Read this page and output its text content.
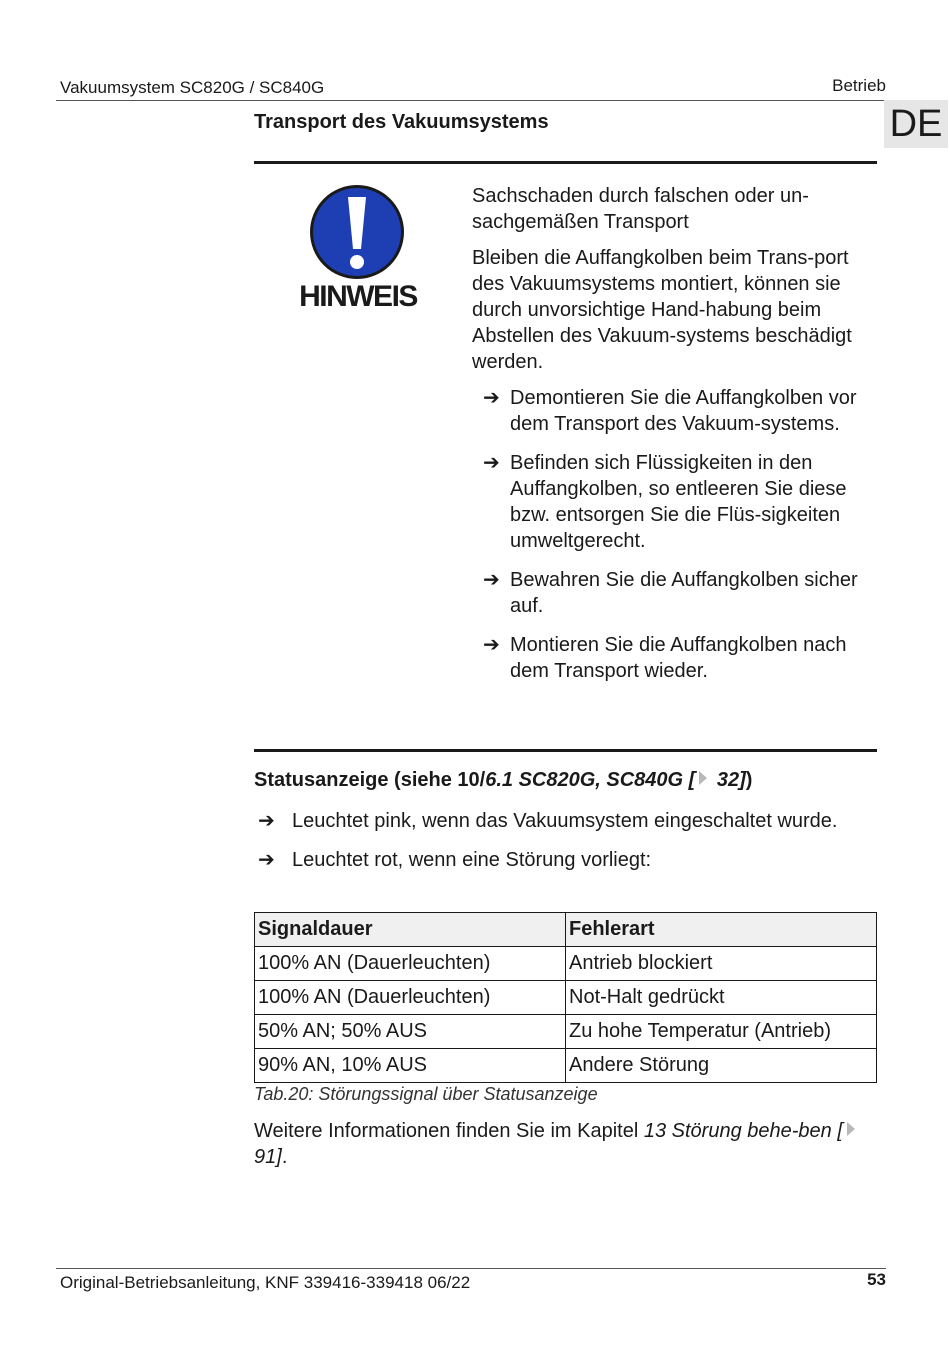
Vakuumsystem SC820G / SC840G	Betrieb
DE
Transport des Vakuumsystems
HINWEIS

Sachschaden durch falschen oder un-sachgemäßen Transport

Bleiben die Auffangkolben beim Trans-port des Vakuumsystems montiert, können sie durch unvorsichtige Hand-habung beim Abstellen des Vakuum-systems beschädigt werden.

➔ Demontieren Sie die Auffangkolben vor dem Transport des Vakuum-systems.
➔ Befinden sich Flüssigkeiten in den Auffangkolben, so entleeren Sie diese bzw. entsorgen Sie die Flüs-sigkeiten umweltgerecht.
➔ Bewahren Sie die Auffangkolben sicher auf.
➔ Montieren Sie die Auffangkolben nach dem Transport wieder.
Statusanzeige (siehe 10/6.1 SC820G, SC840G [ 32])
➔ Leuchtet pink, wenn das Vakuumsystem eingeschaltet wurde.
➔ Leuchtet rot, wenn eine Störung vorliegt:
Signaldauer	Fehlerart
100% AN (Dauerleuchten)	Antrieb blockiert
100% AN (Dauerleuchten)	Not-Halt gedrückt
50% AN; 50% AUS	Zu hohe Temperatur (Antrieb)
90% AN, 10% AUS	Andere Störung
Tab.20: Störungssignal über Statusanzeige
Weitere Informationen finden Sie im Kapitel 13 Störung behe-ben [ 91].
Original-Betriebsanleitung, KNF 339416-339418 06/22	53
